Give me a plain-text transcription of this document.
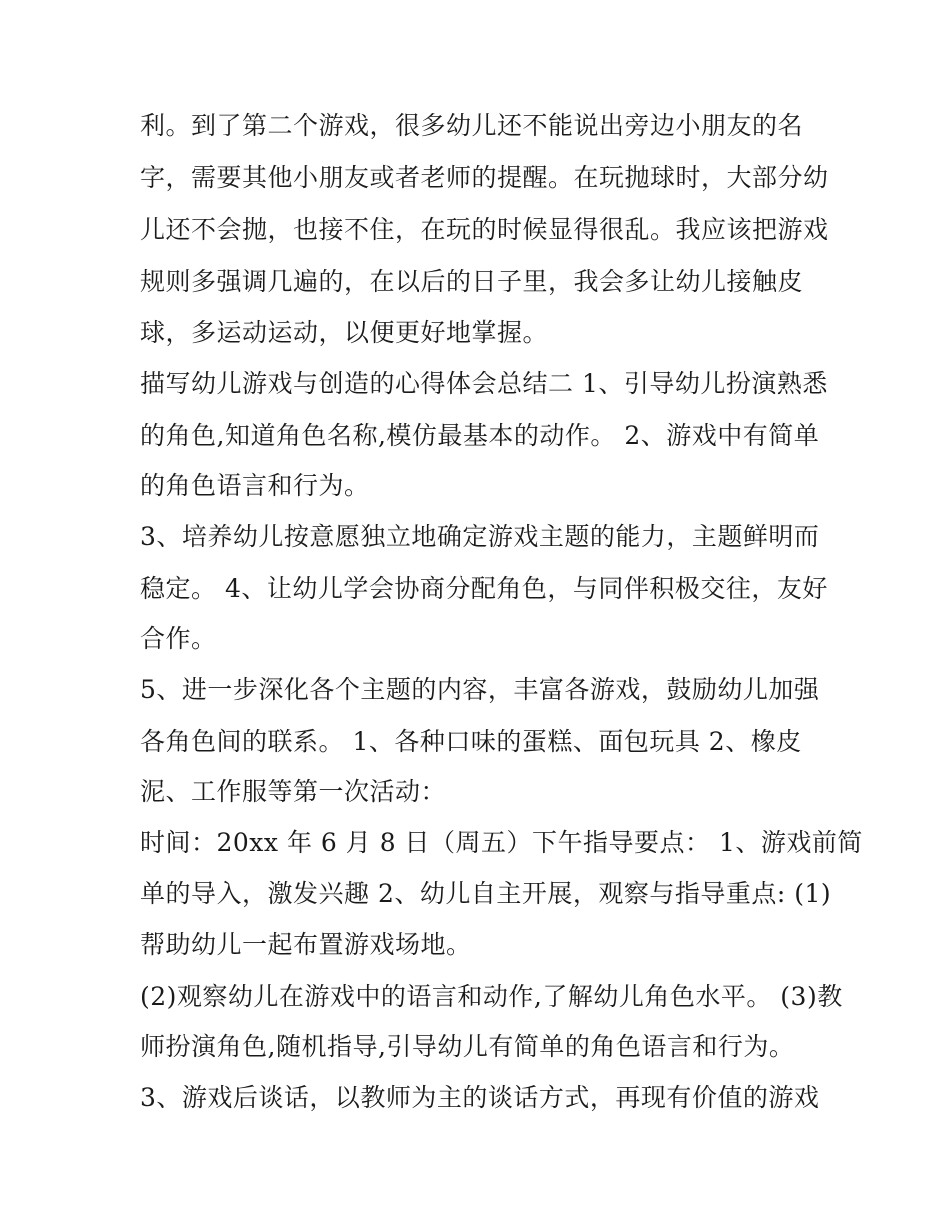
利。到了第二个游戏，很多幼儿还不能说出旁边小朋友的名

字，需要其他小朋友或者老师的提醒。在玩抛球时，大部分幼

儿还不会抛，也接不住，在玩的时候显得很乱。我应该把游戏

规则多强调几遍的，在以后的日子里，我会多让幼儿接触皮

球，多运动运动，以便更好地掌握。

描写幼儿游戏与创造的心得体会总结二 1、引导幼儿扮演熟悉

的角色,知道角色名称,模仿最基本的动作。 2、游戏中有简单

的角色语言和行为。

3、培养幼儿按意愿独立地确定游戏主题的能力，主题鲜明而

稳定。 4、让幼儿学会协商分配角色，与同伴积极交往，友好

合作。

5、进一步深化各个主题的内容，丰富各游戏，鼓励幼儿加强

各角色间的联系。 1、各种口味的蛋糕、面包玩具 2、橡皮

泥、工作服等第一次活动：

时间：20xx 年 6 月 8 日（周五）下午指导要点： 1、游戏前简

单的导入，激发兴趣 2、幼儿自主开展，观察与指导重点: (1)

帮助幼儿一起布置游戏场地。

(2)观察幼儿在游戏中的语言和动作,了解幼儿角色水平。 (3)教

师扮演角色,随机指导,引导幼儿有简单的角色语言和行为。

3、游戏后谈话，以教师为主的谈话方式，再现有价值的游戏
